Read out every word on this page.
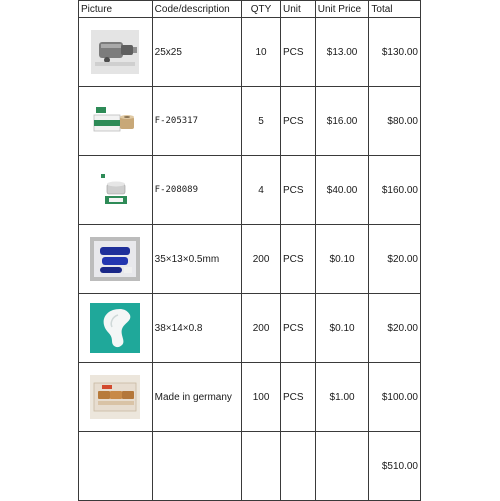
Picture	Code/description	QTY	Unit	Unit Price	Total
	25x25	10	PCS	$13.00	$130.00
	F-205317	5	PCS	$16.00	$80.00
	F-208089	4	PCS	$40.00	$160.00
	35×13×0.5mm	200	PCS	$0.10	$20.00
	38×14×0.8	200	PCS	$0.10	$20.00
	Made in germany	100	PCS	$1.00	$100.00
					$510.00
